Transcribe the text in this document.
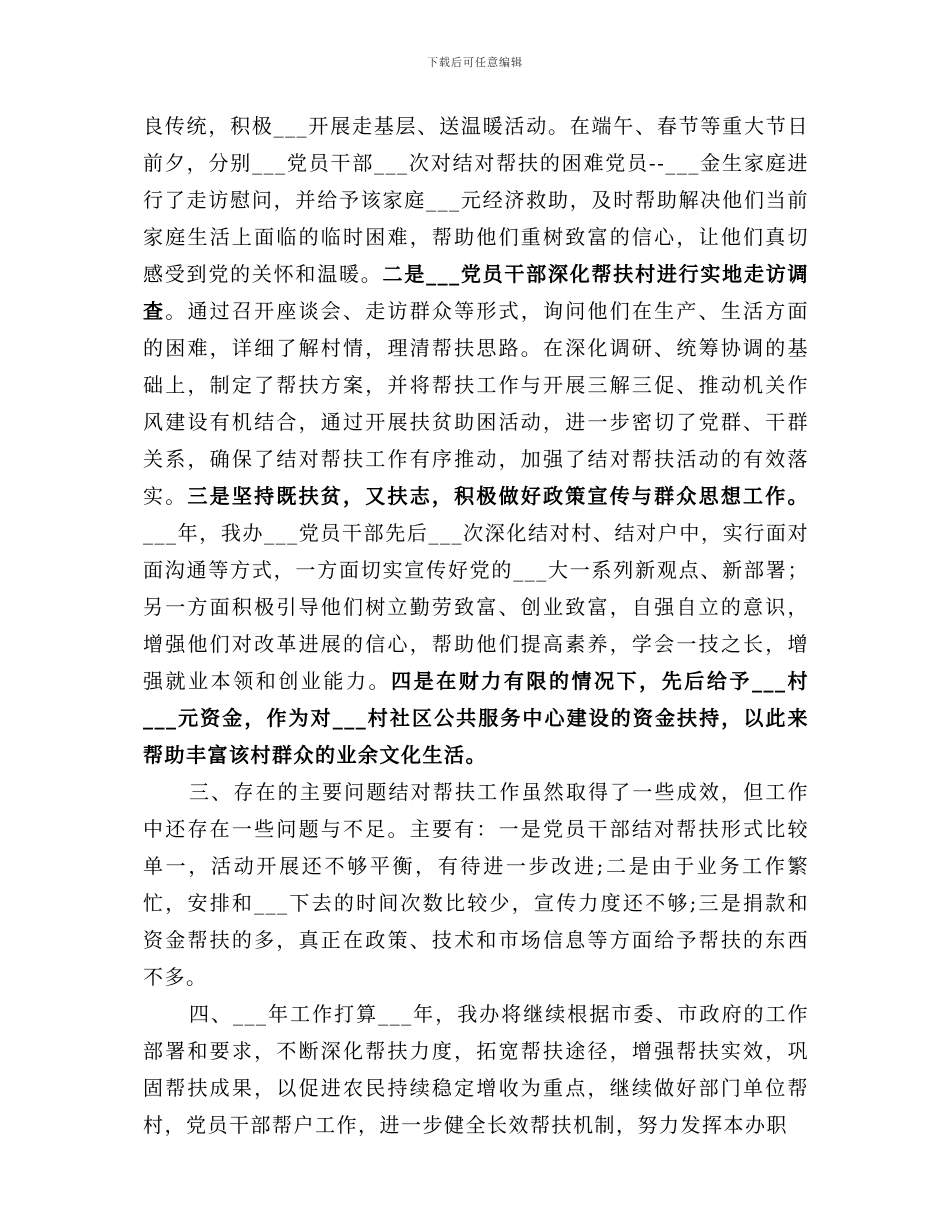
下载后可任意编辑

良传统，积极___开展走基层、送温暖活动。在端午、春节等重大节日前夕，分别___党员干部___次对结对帮扶的困难党员--___金生家庭进行了走访慰问，并给予该家庭___元经济救助，及时帮助解决他们当前家庭生活上面临的临时困难，帮助他们重树致富的信心，让他们真切感受到党的关怀和温暖。二是___党员干部深化帮扶村进行实地走访调查。通过召开座谈会、走访群众等形式，询问他们在生产、生活方面的困难，详细了解村情，理清帮扶思路。在深化调研、统筹协调的基础上，制定了帮扶方案，并将帮扶工作与开展三解三促、推动机关作风建设有机结合，通过开展扶贫助困活动，进一步密切了党群、干群关系，确保了结对帮扶工作有序推动，加强了结对帮扶活动的有效落实。三是坚持既扶贫，又扶志，积极做好政策宣传与群众思想工作。___年，我办___党员干部先后___次深化结对村、结对户中，实行面对面沟通等方式，一方面切实宣传好党的___大一系列新观点、新部署；另一方面积极引导他们树立勤劳致富、创业致富，自强自立的意识，增强他们对改革进展的信心，帮助他们提高素养，学会一技之长，增强就业本领和创业能力。四是在财力有限的情况下，先后给予___村___元资金，作为对___村社区公共服务中心建设的资金扶持，以此来帮助丰富该村群众的业余文化生活。

三、存在的主要问题结对帮扶工作虽然取得了一些成效，但工作中还存在一些问题与不足。主要有：一是党员干部结对帮扶形式比较单一，活动开展还不够平衡，有待进一步改进;二是由于业务工作繁忙，安排和___下去的时间次数比较少，宣传力度还不够;三是捐款和资金帮扶的多，真正在政策、技术和市场信息等方面给予帮扶的东西不多。

四、___年工作打算___年，我办将继续根据市委、市政府的工作部署和要求，不断深化帮扶力度，拓宽帮扶途径，增强帮扶实效，巩固帮扶成果，以促进农民持续稳定增收为重点，继续做好部门单位帮村，党员干部帮户工作，进一步健全长效帮扶机制，努力发挥本办职
